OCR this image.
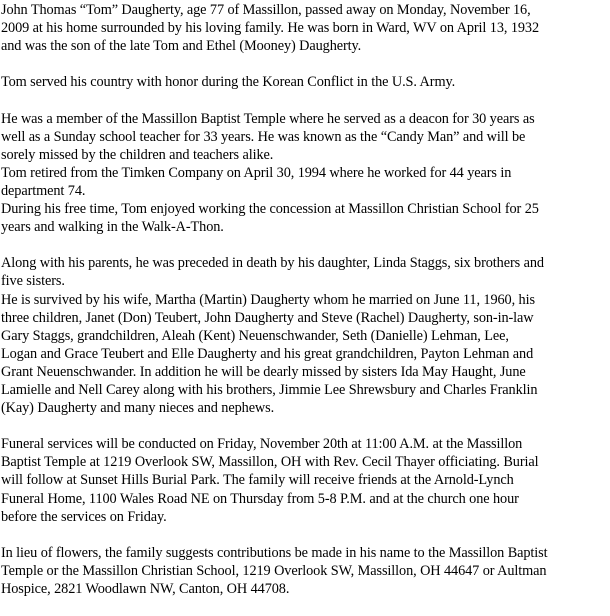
John Thomas “Tom” Daugherty, age 77 of Massillon, passed away on Monday, November 16,
2009 at his home surrounded by his loving family. He was born in Ward, WV on April 13, 1932
and was the son of the late Tom and Ethel (Mooney) Daugherty.

Tom served his country with honor during the Korean Conflict in the U.S. Army.

He was a member of the Massillon Baptist Temple where he served as a deacon for 30 years as
well as a Sunday school teacher for 33 years. He was known as the “Candy Man” and will be
sorely missed by the children and teachers alike.
Tom retired from the Timken Company on April 30, 1994 where he worked for 44 years in
department 74.
During his free time, Tom enjoyed working the concession at Massillon Christian School for 25
years and walking in the Walk-A-Thon.

Along with his parents, he was preceded in death by his daughter, Linda Staggs, six brothers and
five sisters.
He is survived by his wife, Martha (Martin) Daugherty whom he married on June 11, 1960, his
three children, Janet (Don) Teubert, John Daugherty and Steve (Rachel) Daugherty, son-in-law
Gary Staggs, grandchildren, Aleah (Kent) Neuenschwander, Seth (Danielle) Lehman, Lee,
Logan and Grace Teubert and Elle Daugherty and his great grandchildren, Payton Lehman and
Grant Neuenschwander. In addition he will be dearly missed by sisters Ida May Haught, June
Lamielle and Nell Carey along with his brothers, Jimmie Lee Shrewsbury and Charles Franklin
(Kay) Daugherty and many nieces and nephews.

Funeral services will be conducted on Friday, November 20th at 11:00 A.M. at the Massillon
Baptist Temple at 1219 Overlook SW, Massillon, OH with Rev. Cecil Thayer officiating. Burial
will follow at Sunset Hills Burial Park. The family will receive friends at the Arnold-Lynch
Funeral Home, 1100 Wales Road NE on Thursday from 5-8 P.M. and at the church one hour
before the services on Friday.

In lieu of flowers, the family suggests contributions be made in his name to the Massillon Baptist
Temple or the Massillon Christian School, 1219 Overlook SW, Massillon, OH 44647 or Aultman
Hospice, 2821 Woodlawn NW, Canton, OH 44708.
